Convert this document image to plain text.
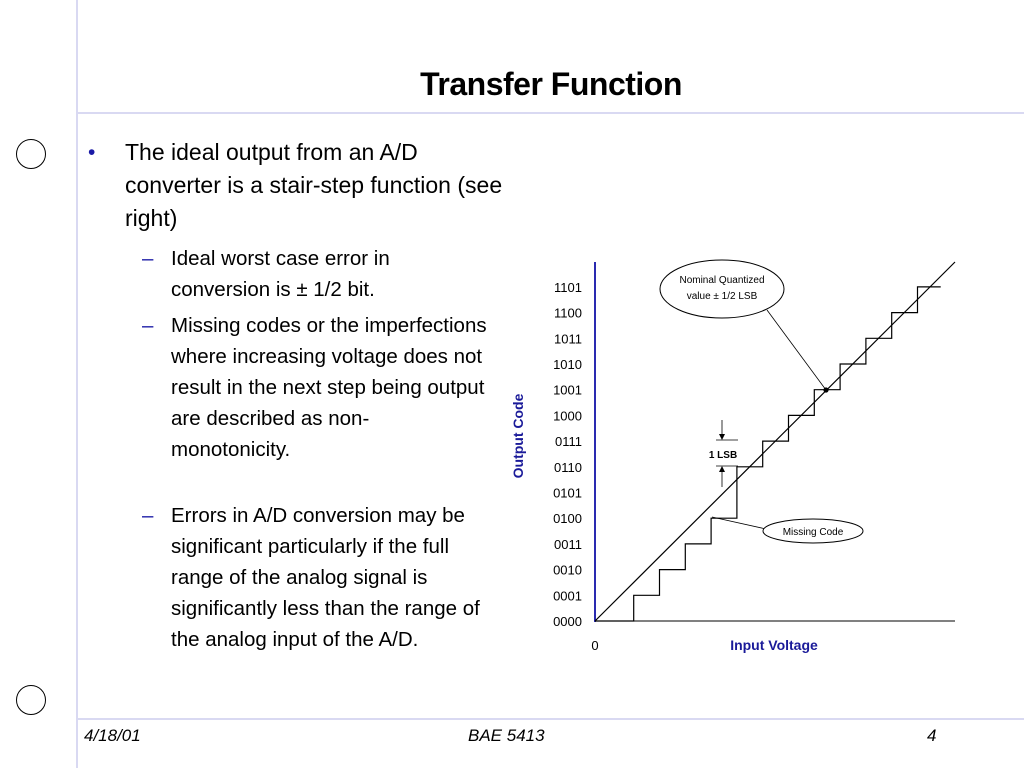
Transfer Function
• The ideal output from an A/D converter is a stair-step function (see right)
– Ideal worst case error in conversion is ± 1/2 bit.
– Missing codes or the imperfections where increasing voltage does not result in the next step being output are described as non-monotonicity.
– Errors in A/D conversion may be significant particularly if the full range of the analog signal is significantly less than the range of the analog input of the A/D.
1101
1100
1011
1010
1001
1000
0111
0110
0101
0100
0011
0010
0001
0000
Output Code
Input Voltage
0
Nominal Quantized
value ± 1/2 LSB
1 LSB
Missing Code
4/18/01	BAE 5413	4
